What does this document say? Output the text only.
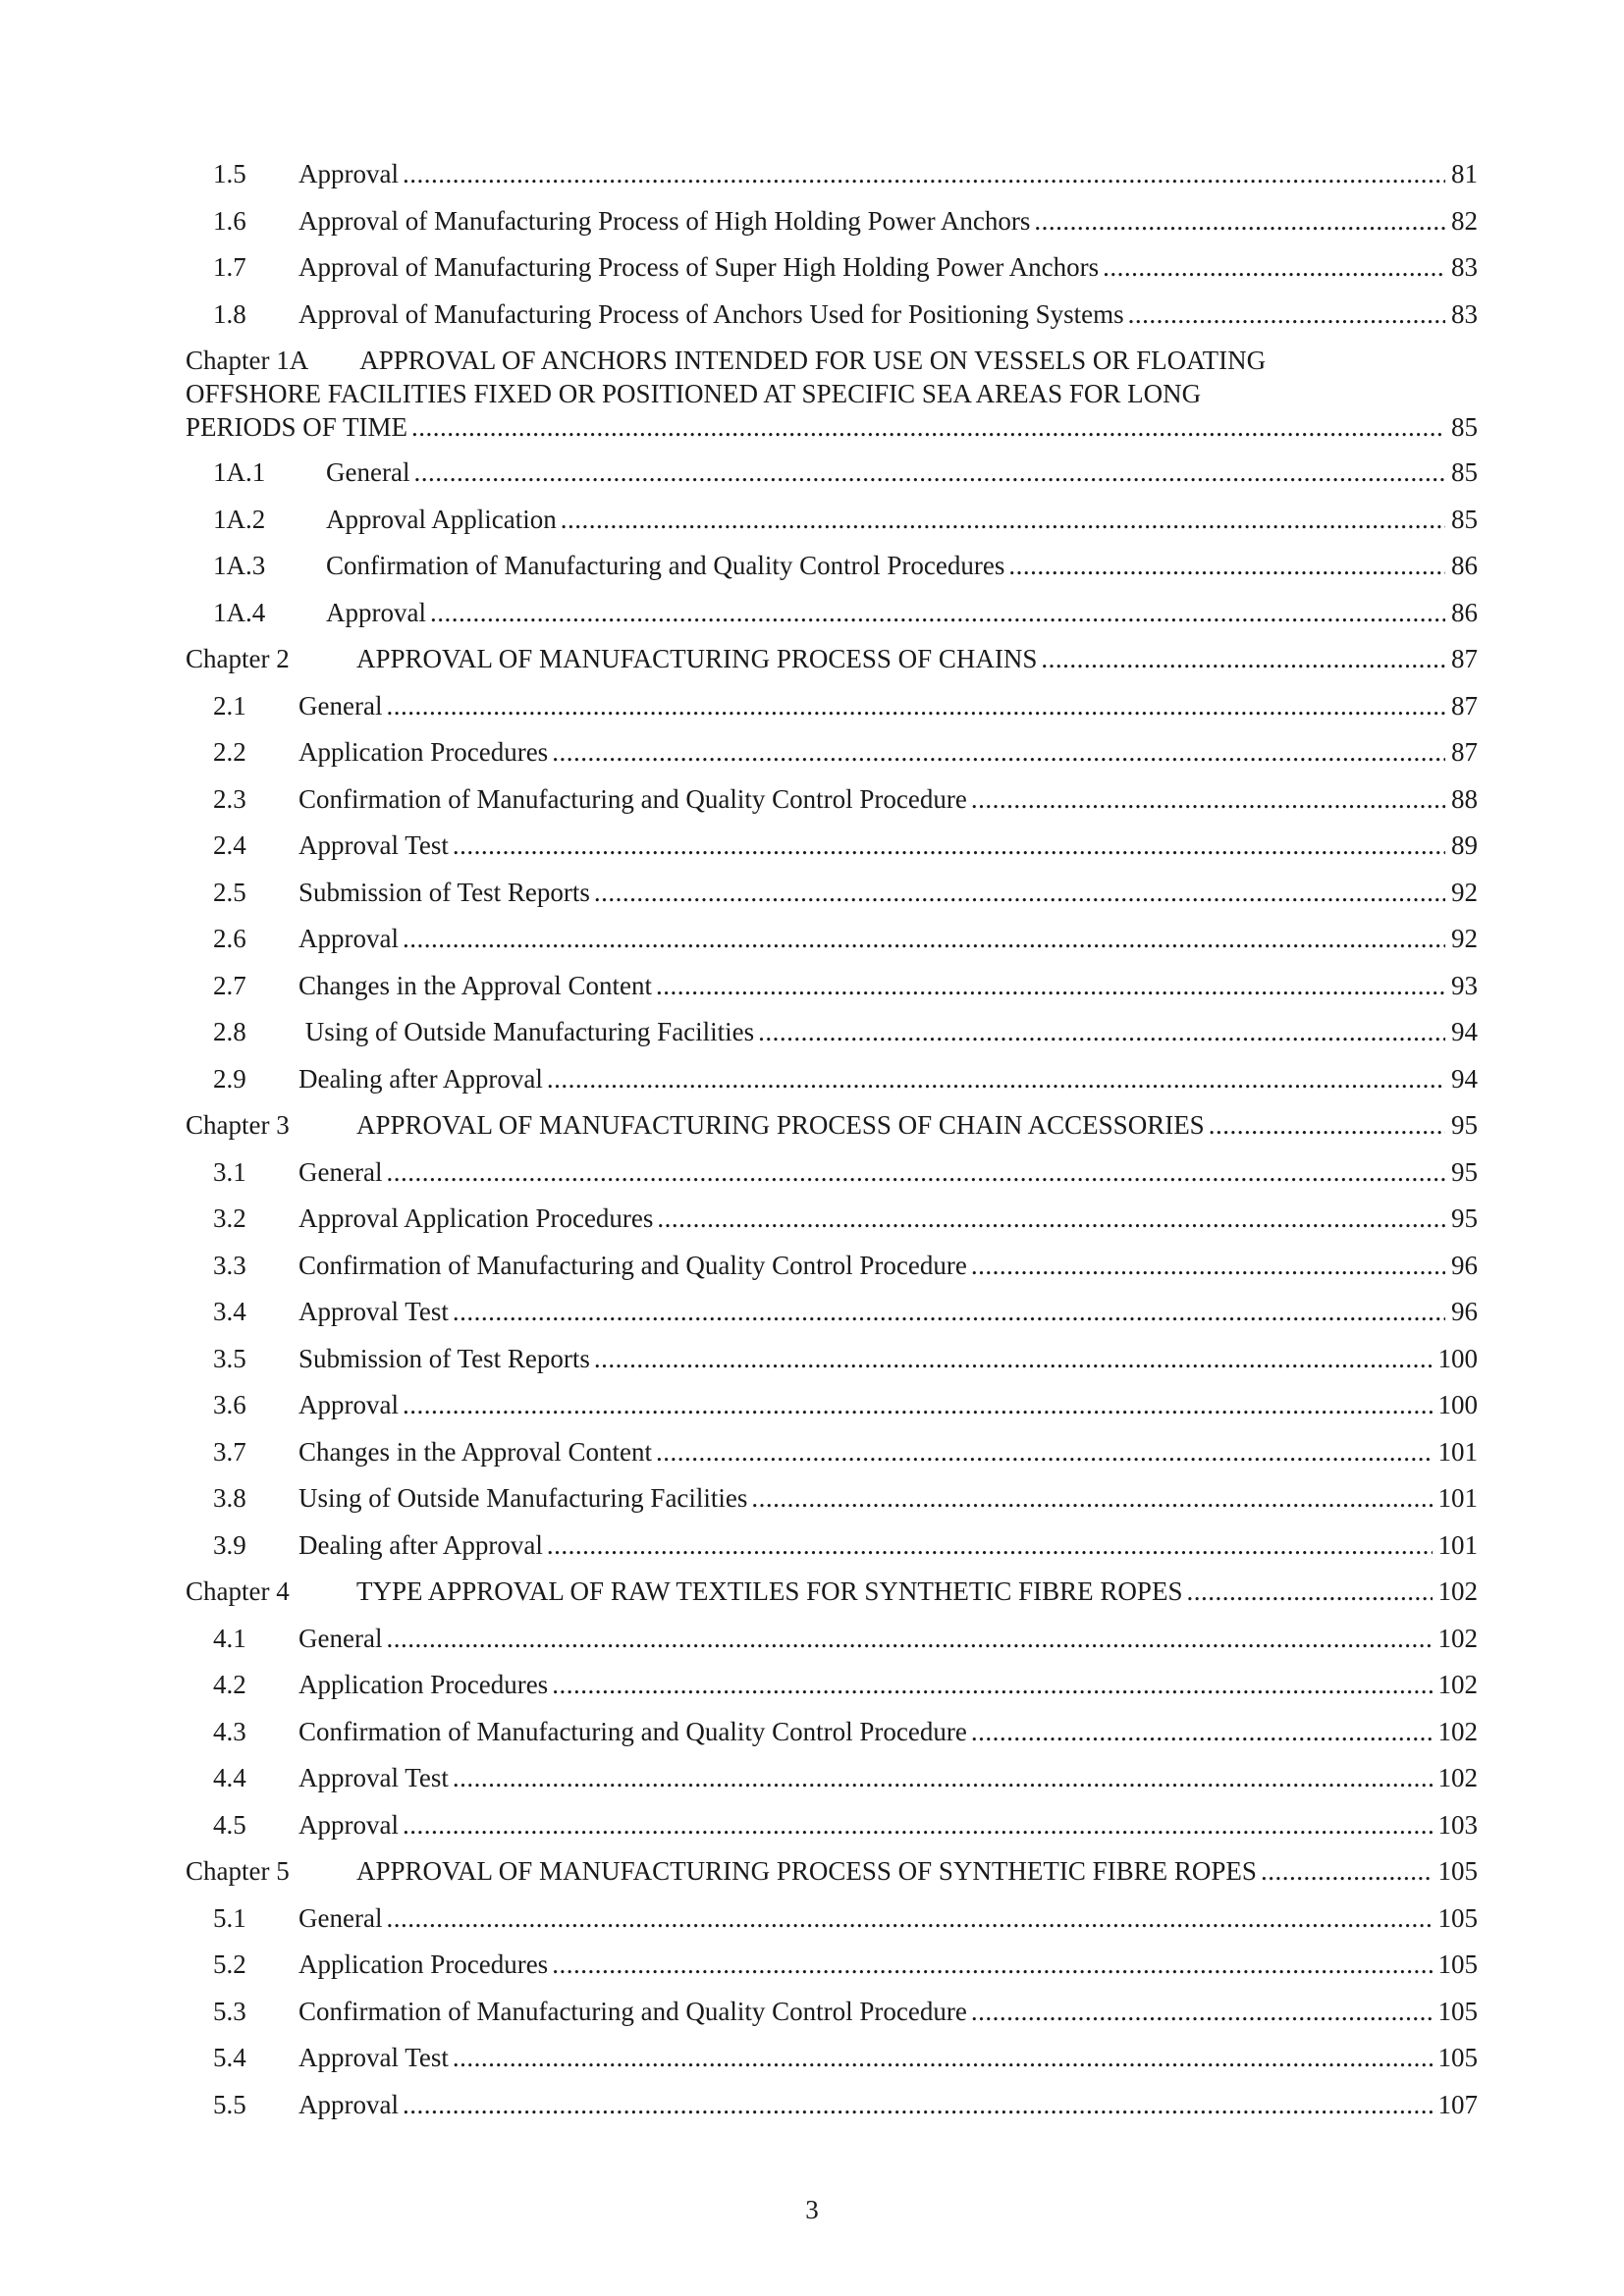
1.5	Approval .....	81
1.6	Approval of Manufacturing Process of High Holding Power Anchors .....	82
1.7	Approval of Manufacturing Process of Super High Holding Power Anchors .....	83
1.8	Approval of Manufacturing Process of Anchors Used for Positioning Systems .....	83
Chapter 1A APPROVAL OF ANCHORS INTENDED FOR USE ON VESSELS OR FLOATING
OFFSHORE FACILITIES FIXED OR POSITIONED AT SPECIFIC SEA AREAS FOR LONG
PERIODS OF TIME .....	85
1A.1	General .....	85
1A.2	Approval Application .....	85
1A.3	Confirmation of Manufacturing and Quality Control Procedures .....	86
1A.4	Approval .....	86
Chapter 2	APPROVAL OF MANUFACTURING PROCESS OF CHAINS .....	87
2.1	General .....	87
2.2	Application Procedures .....	87
2.3	Confirmation of Manufacturing and Quality Control Procedure .....	88
2.4	Approval Test .....	89
2.5	Submission of Test Reports .....	92
2.6	Approval .....	92
2.7	Changes in the Approval Content .....	93
2.8	Using of Outside Manufacturing Facilities .....	94
2.9	Dealing after Approval .....	94
Chapter 3	APPROVAL OF MANUFACTURING PROCESS OF CHAIN ACCESSORIES .....	95
3.1	General .....	95
3.2	Approval Application Procedures .....	95
3.3	Confirmation of Manufacturing and Quality Control Procedure .....	96
3.4	Approval Test .....	96
3.5	Submission of Test Reports .....	100
3.6	Approval .....	100
3.7	Changes in the Approval Content .....	101
3.8	Using of Outside Manufacturing Facilities .....	101
3.9	Dealing after Approval .....	101
Chapter 4	TYPE APPROVAL OF RAW TEXTILES FOR SYNTHETIC FIBRE ROPES .....	102
4.1	General .....	102
4.2	Application Procedures .....	102
4.3	Confirmation of Manufacturing and Quality Control Procedure .....	102
4.4	Approval Test .....	102
4.5	Approval .....	103
Chapter 5	APPROVAL OF MANUFACTURING PROCESS OF SYNTHETIC FIBRE ROPES .....	105
5.1	General .....	105
5.2	Application Procedures .....	105
5.3	Confirmation of Manufacturing and Quality Control Procedure .....	105
5.4	Approval Test .....	105
5.5	Approval .....	107
3
